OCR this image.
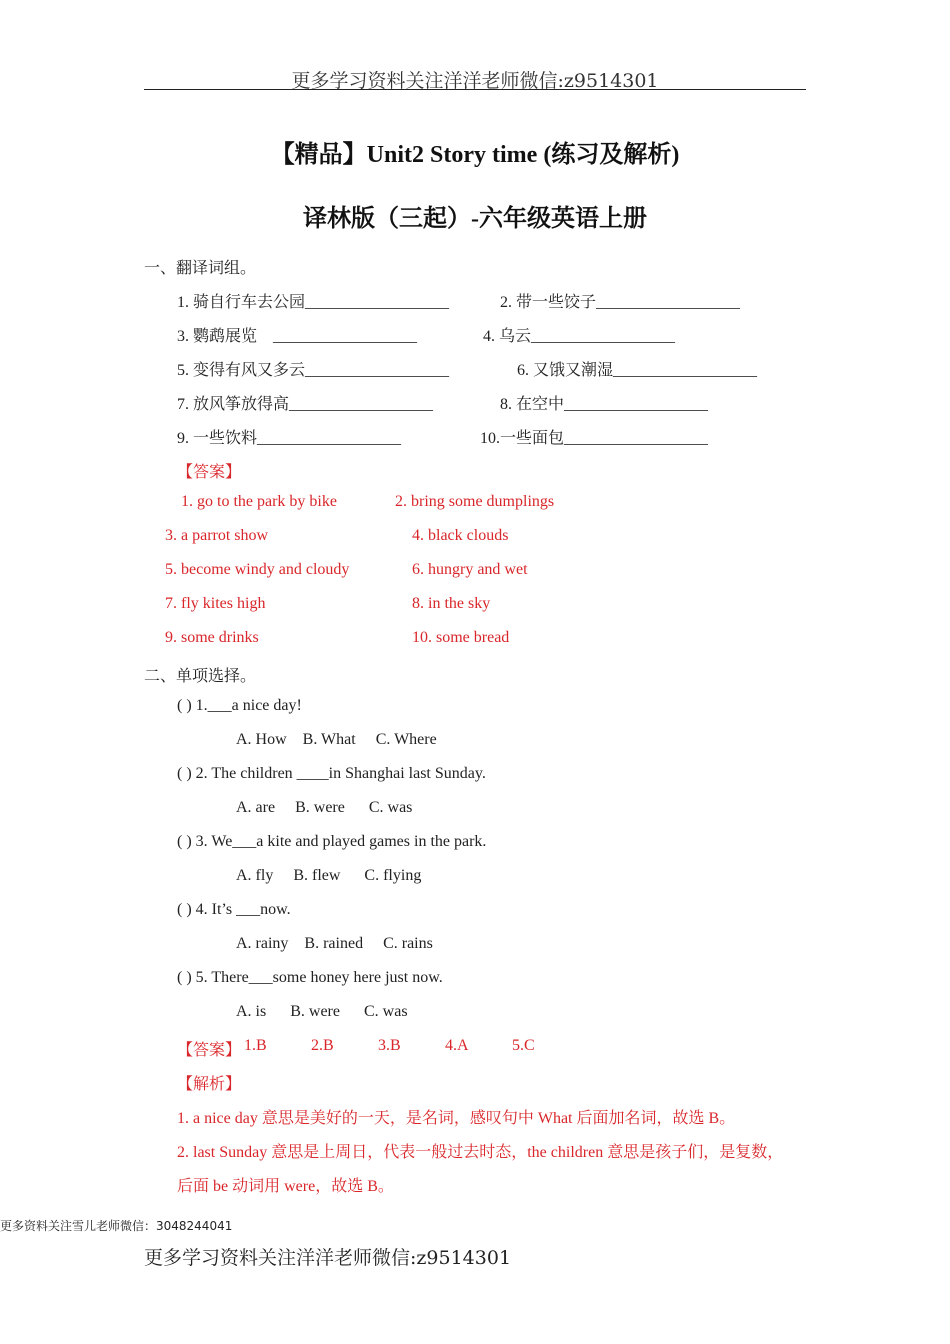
更多学习资料关注洋洋老师微信:z9514301
【精品】Unit2 Story time (练习及解析)
译林版（三起）-六年级英语上册
一、翻译词组。
1. 骑自行车去公园__________________	2. 带一些饺子__________________
3. 鹦鹉展览　__________________	4. 乌云__________________
5. 变得有风又多云__________________	6. 又饿又潮湿__________________
7. 放风筝放得高__________________	8. 在空中__________________
9. 一些饮料__________________	10.一些面包__________________
【答案】
1. go to the park by bike	2. bring some dumplings
3. a parrot show	4. black clouds
5. become windy and cloudy	6. hungry and wet
7. fly kites high	8. in the sky
9. some drinks	10. some bread
二、单项选择。
( ) 1.___a nice day!
A. How    B. What     C. Where
( ) 2. The children ____in Shanghai last Sunday.
A. are     B. were      C. was
( ) 3. We___a kite and played games in the park.
A. fly     B. flew      C. flying
( ) 4. It’s ___now.
A. rainy    B. rained     C. rains
( ) 5. There___some honey here just now.
A. is      B. were      C. was
【答案】 1.B	2.B	3.B	4.A	5.C
【解析】
1. a nice day 意思是美好的一天，是名词，感叹句中 What 后面加名词，故选 B。
2. last Sunday 意思是上周日，代表一般过去时态，the children 意思是孩子们，是复数，
后面 be 动词用 were，故选 B。
更多资料关注雪儿老师微信：3048244041
更多学习资料关注洋洋老师微信:z9514301
